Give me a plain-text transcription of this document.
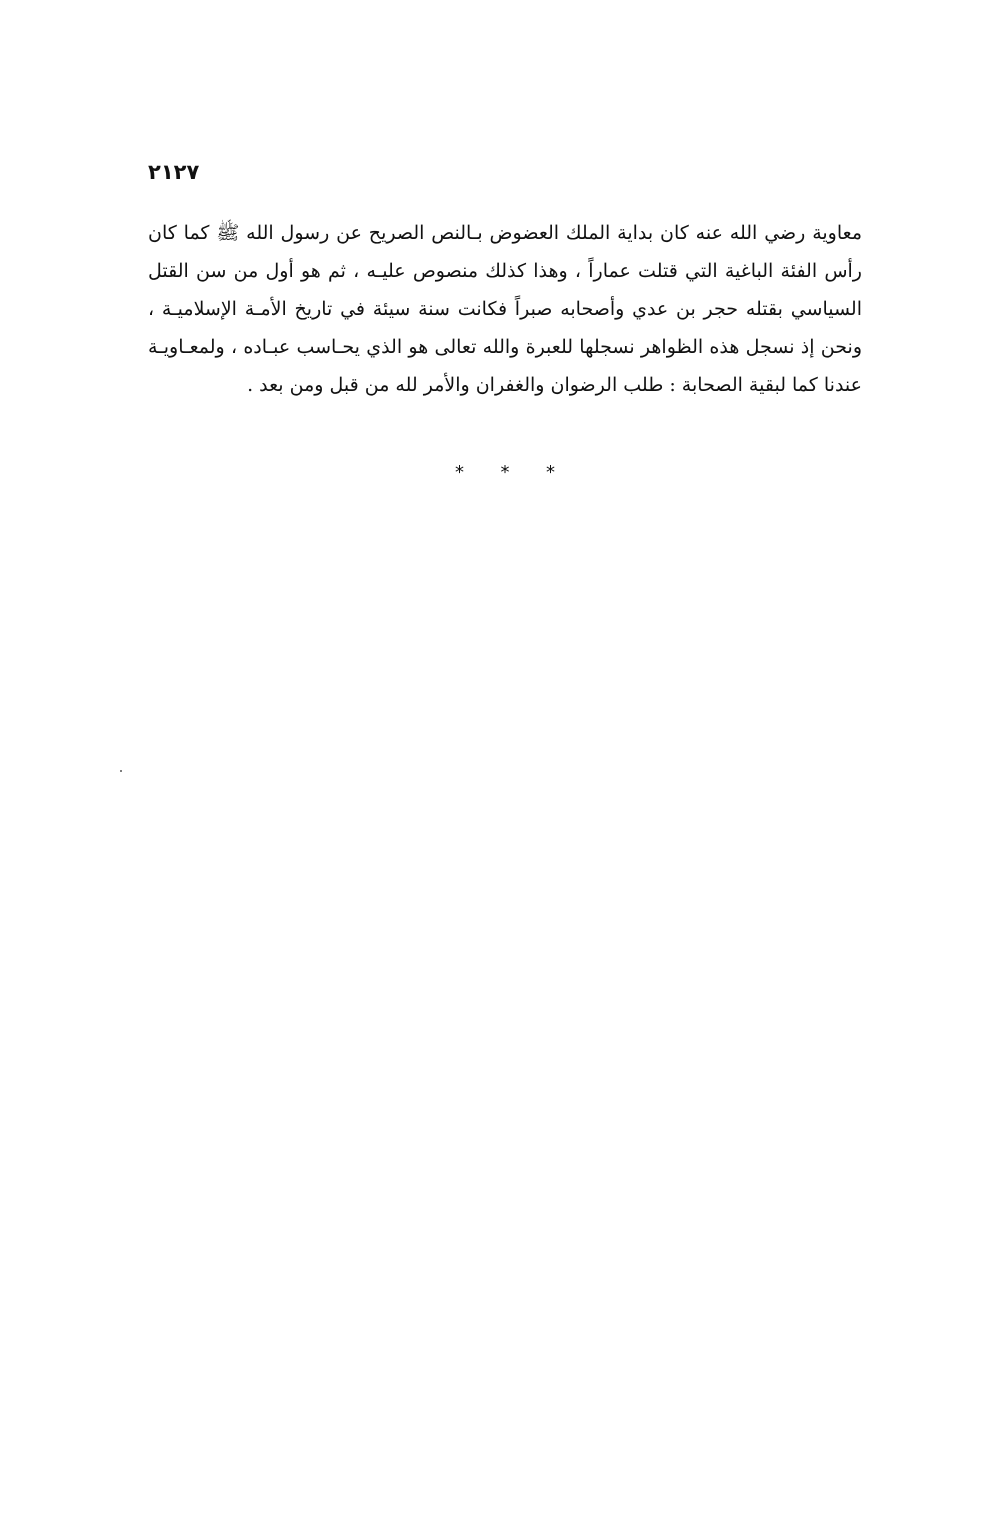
٢١٢٧
معاوية رضي الله عنه كان بداية الملك العضوض بـالنص الصريح عن رسول الله ﷺ كما كان
رأس الفئة الباغية التي قتلت عماراً ، وهذا كذلك منصوص عليـه ، ثم هو أول من سن القتل
السياسي بقتله حجر بن عدي وأصحابه صبراً فكانت سنة سيئة في تاريخ الأمـة الإسلاميـة ،
ونحن إذ نسجل هذه الظواهر نسجلها للعبرة والله تعالى هو الذي يحـاسب عبـاده ، ولمعـاويـة
عندنا كما لبقية الصحابة : طلب الرضوان والغفران والأمر لله من قبل ومن بعد .
* * *
